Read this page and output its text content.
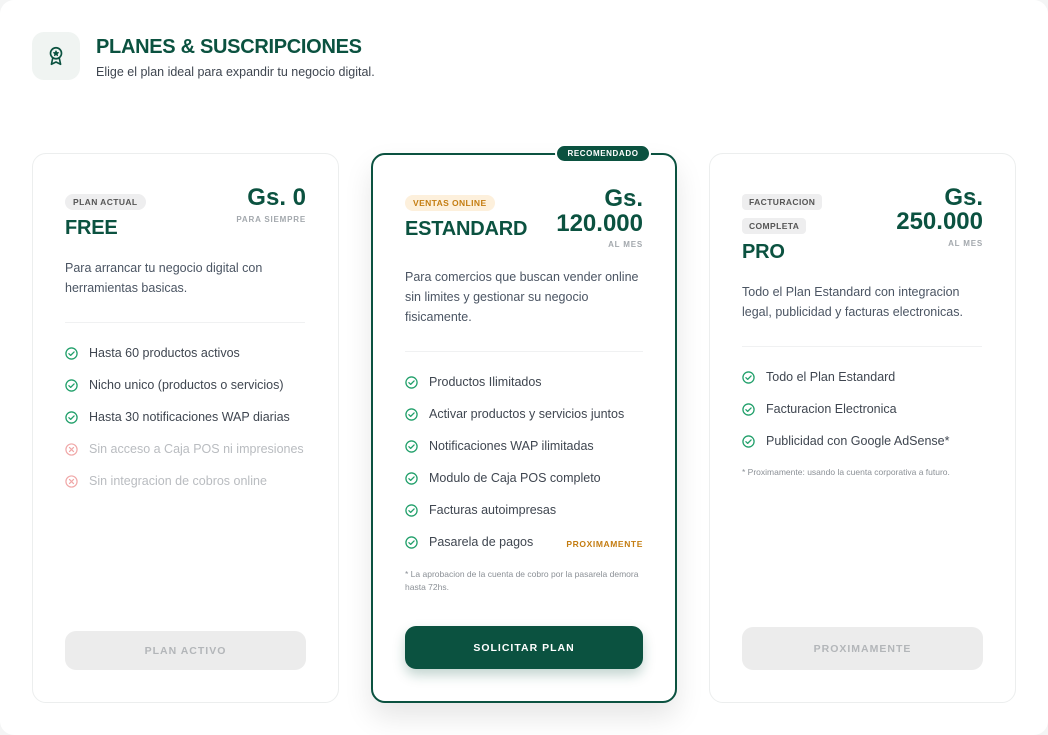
PLANES & SUSCRIPCIONES
Elige el plan ideal para expandir tu negocio digital.
PLAN ACTUAL
FREE
Gs. 0
PARA SIEMPRE
Para arrancar tu negocio digital con herramientas basicas.
Hasta 60 productos activos
Nicho unico (productos o servicios)
Hasta 30 notificaciones WAP diarias
Sin acceso a Caja POS ni impresiones
Sin integracion de cobros online
PLAN ACTIVO
RECOMENDADO
VENTAS ONLINE
ESTANDARD
Gs.
120.000
AL MES
Para comercios que buscan vender online sin limites y gestionar su negocio fisicamente.
Productos Ilimitados
Activar productos y servicios juntos
Notificaciones WAP ilimitadas
Modulo de Caja POS completo
Facturas autoimpresas
Pasarela de pagos	PROXIMAMENTE
* La aprobacion de la cuenta de cobro por la pasarela demora hasta 72hs.
SOLICITAR PLAN
FACTURACION
COMPLETA
PRO
Gs.
250.000
AL MES
Todo el Plan Estandard con integracion legal, publicidad y facturas electronicas.
Todo el Plan Estandard
Facturacion Electronica
Publicidad con Google AdSense*
* Proximamente: usando la cuenta corporativa a futuro.
PROXIMAMENTE
